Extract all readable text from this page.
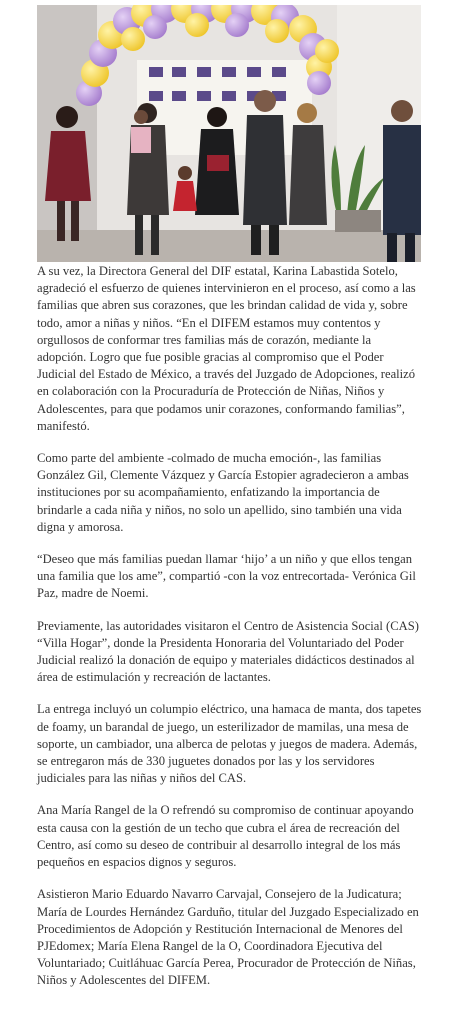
A su vez, la Directora General del DIF estatal, Karina Labastida Sotelo, agradeció el esfuerzo de quienes intervinieron en el proceso, así como a las familias que abren sus corazones, que les brindan calidad de vida y, sobre todo, amor a niñas y niños. “En el DIFEM estamos muy contentos y orgullosos de conformar tres familias más de corazón, mediante la adopción. Logro que fue posible gracias al compromiso que el Poder Judicial del Estado de México, a través del Juzgado de Adopciones, realizó en colaboración con la Procuraduría de Protección de Niñas, Niños y Adolescentes, para que podamos unir corazones, conformando familias”, manifestó.

Como parte del ambiente -colmado de mucha emoción-, las familias González Gil, Clemente Vázquez y García Estopier agradecieron a ambas instituciones por su acompañamiento, enfatizando la importancia de brindarle a cada niña y niños, no solo un apellido, sino también una vida digna y amorosa.

“Deseo que más familias puedan llamar ‘hijo’ a un niño y que ellos tengan una familia que los ame”, compartió -con la voz entrecortada- Verónica Gil Paz, madre de Noemi.

Previamente, las autoridades visitaron el Centro de Asistencia Social (CAS) “Villa Hogar”, donde la Presidenta Honoraria del Voluntariado del Poder Judicial realizó la donación de equipo y materiales didácticos destinados al área de estimulación y recreación de lactantes.

La entrega incluyó un columpio eléctrico, una hamaca de manta, dos tapetes de foamy, un barandal de juego, un esterilizador de mamilas, una mesa de soporte, un cambiador, una alberca de pelotas y juegos de madera. Además, se entregaron más de 330 juguetes donados por las y los servidores judiciales para las niñas y niños del CAS.

Ana María Rangel de la O refrendó su compromiso de continuar apoyando esta causa con la gestión de un techo que cubra el área de recreación del Centro, así como su deseo de contribuir al desarrollo integral de los más pequeños en espacios dignos y seguros.

Asistieron Mario Eduardo Navarro Carvajal, Consejero de la Judicatura; María de Lourdes Hernández Garduño, titular del Juzgado Especializado en Procedimientos de Adopción y Restitución Internacional de Menores del PJEdomex; María Elena Rangel de la O, Coordinadora Ejecutiva del Voluntariado; Cuitláhuac García Perea, Procurador de Protección de Niñas, Niños y Adolescentes del DIFEM.
